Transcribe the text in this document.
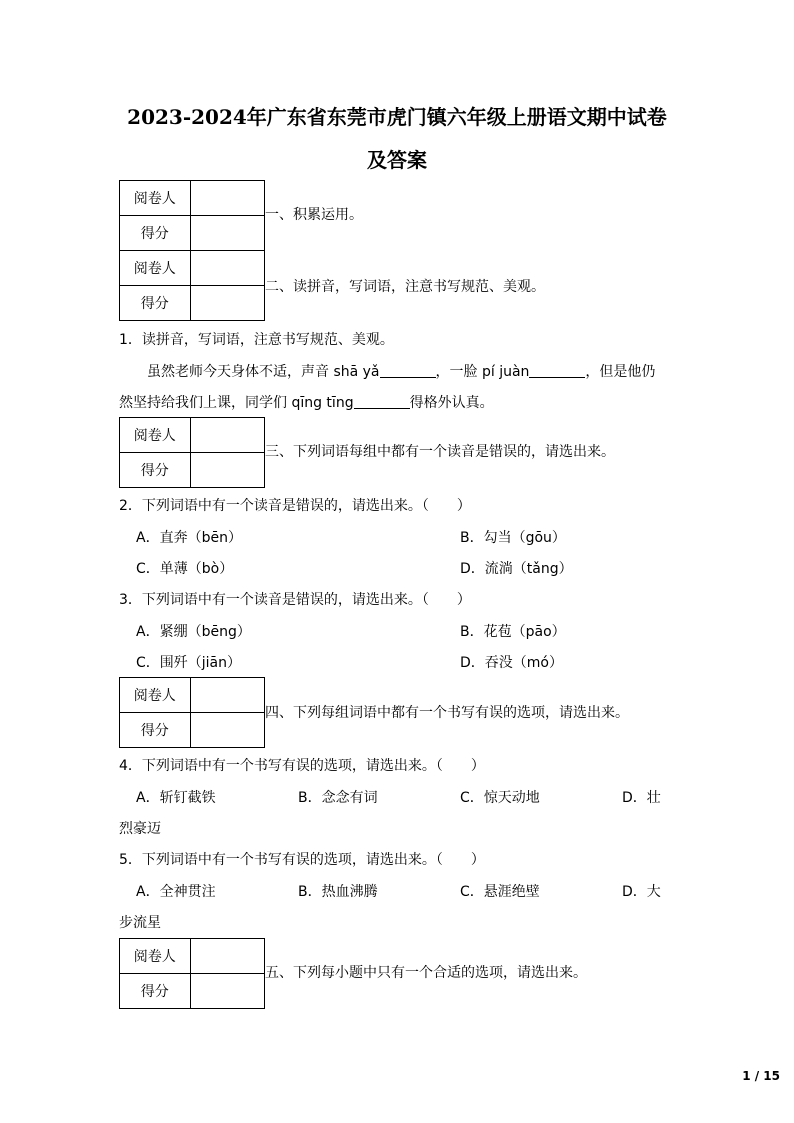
2023-2024年广东省东莞市虎门镇六年级上册语文期中试卷
及答案
阅卷人	
得分	
阅卷人	
得分	
一、积累运用。
二、读拼音，写词语，注意书写规范、美观。
1．读拼音，写词语，注意书写规范、美观。
虽然老师今天身体不适，声音 shā yǎ	，一脸 pí juàn	，但是他仍
然坚持给我们上课，同学们 qīng tīng	得格外认真。
阅卷人	
得分	
三、下列词语每组中都有一个读音是错误的，请选出来。
2．下列词语中有一个读音是错误的，请选出来。（　　）
A．直奔（bēn）	B．勾当（gōu）
C．单薄（bò）	D．流淌（tǎng）
3．下列词语中有一个读音是错误的，请选出来。（　　）
A．紧绷（bēng）	B．花苞（pāo）
C．围歼（jiān）	D．吞没（mó）
阅卷人	
得分	
四、下列每组词语中都有一个书写有误的选项，请选出来。
4．下列词语中有一个书写有误的选项，请选出来。（　　）
A．斩钉截铁	B．念念有词	C．惊天动地	D．壮
烈豪迈
5．下列词语中有一个书写有误的选项，请选出来。（　　）
A．全神贯注	B．热血沸腾	C．悬涯绝壁	D．大
步流星
阅卷人	
得分	
五、下列每小题中只有一个合适的选项，请选出来。
1 / 15
